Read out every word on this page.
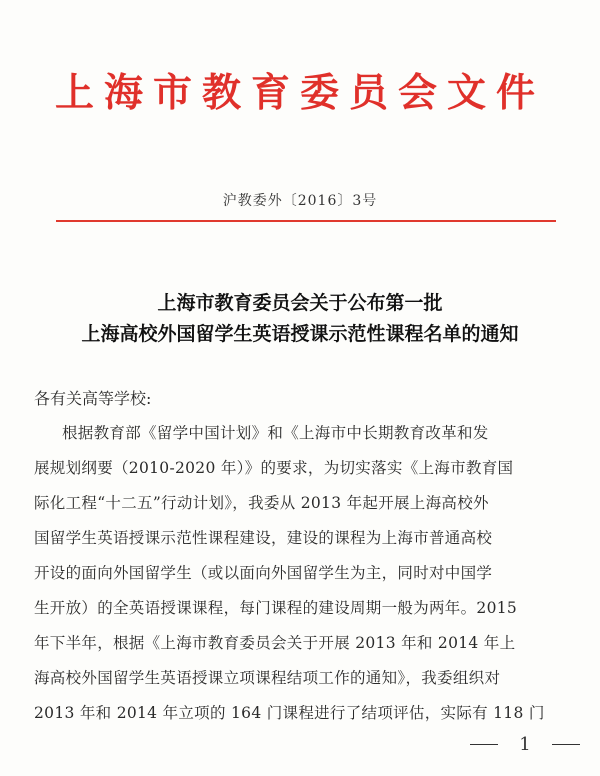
上海市教育委员会文件
沪教委外〔2016〕3号
上海市教育委员会关于公布第一批
上海高校外国留学生英语授课示范性课程名单的通知
各有关高等学校:
根据教育部《留学中国计划》和《上海市中长期教育改革和发
展规划纲要（2010-2020 年）》的要求，为切实落实《上海市教育国
际化工程“十二五”行动计划》，我委从 2013 年起开展上海高校外
国留学生英语授课示范性课程建设，建设的课程为上海市普通高校
开设的面向外国留学生（或以面向外国留学生为主，同时对中国学
生开放）的全英语授课课程，每门课程的建设周期一般为两年。2015
年下半年，根据《上海市教育委员会关于开展 2013 年和 2014 年上
海高校外国留学生英语授课立项课程结项工作的通知》，我委组织对
2013 年和 2014 年立项的 164 门课程进行了结项评估，实际有 118 门
1
